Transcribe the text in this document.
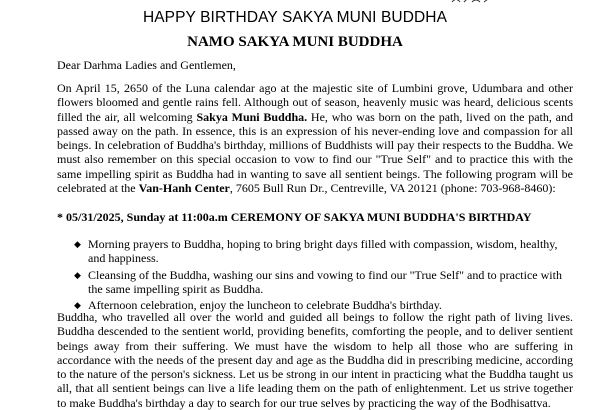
HAPPY BIRTHDAY SAKYA MUNI BUDDHA
NAMO SAKYA MUNI BUDDHA

Dear Darhma Ladies and Gentlemen,

On April 15, 2650 of the Luna calendar ago at the majestic site of Lumbini grove, Udumbara and other flowers bloomed and gentle rains fell. Although out of season, heavenly music was heard, delicious scents filled the air, all welcoming Sakya Muni Buddha. He, who was born on the path, lived on the path, and passed away on the path. In essence, this is an expression of his never-ending love and compassion for all beings. In celebration of Buddha's birthday, millions of Buddhists will pay their respects to the Buddha. We must also remember on this special occasion to vow to find our "True Self" and to practice this with the same impelling spirit as Buddha had in wanting to save all sentient beings. The following program will be celebrated at the Van-Hanh Center, 7605 Bull Run Dr., Centreville, VA 20121 (phone: 703-968-8460):

* 05/31/2025, Sunday at 11:00a.m CEREMONY OF SAKYA MUNI BUDDHA'S BIRTHDAY

◆ Morning prayers to Buddha, hoping to bring bright days filled with compassion, wisdom, healthy, and happiness.
◆ Cleansing of the Buddha, washing our sins and vowing to find our "True Self" and to practice with the same impelling spirit as Buddha.
◆ Afternoon celebration, enjoy the luncheon to celebrate Buddha's birthday.

Buddha, who travelled all over the world and guided all beings to follow the right path of living lives. Buddha descended to the sentient world, providing benefits, comforting the people, and to deliver sentient beings away from their suffering. We must have the wisdom to help all those who are suffering in accordance with the needs of the present day and age as the Buddha did in prescribing medicine, according to the nature of the person's sickness. Let us be strong in our intent in practicing what the Buddha taught us all, that all sentient beings can live a life leading them on the path of enlightenment. Let us strive together to make Buddha's birthday a day to search for our true selves by practicing the way of the Bodhisattva.
